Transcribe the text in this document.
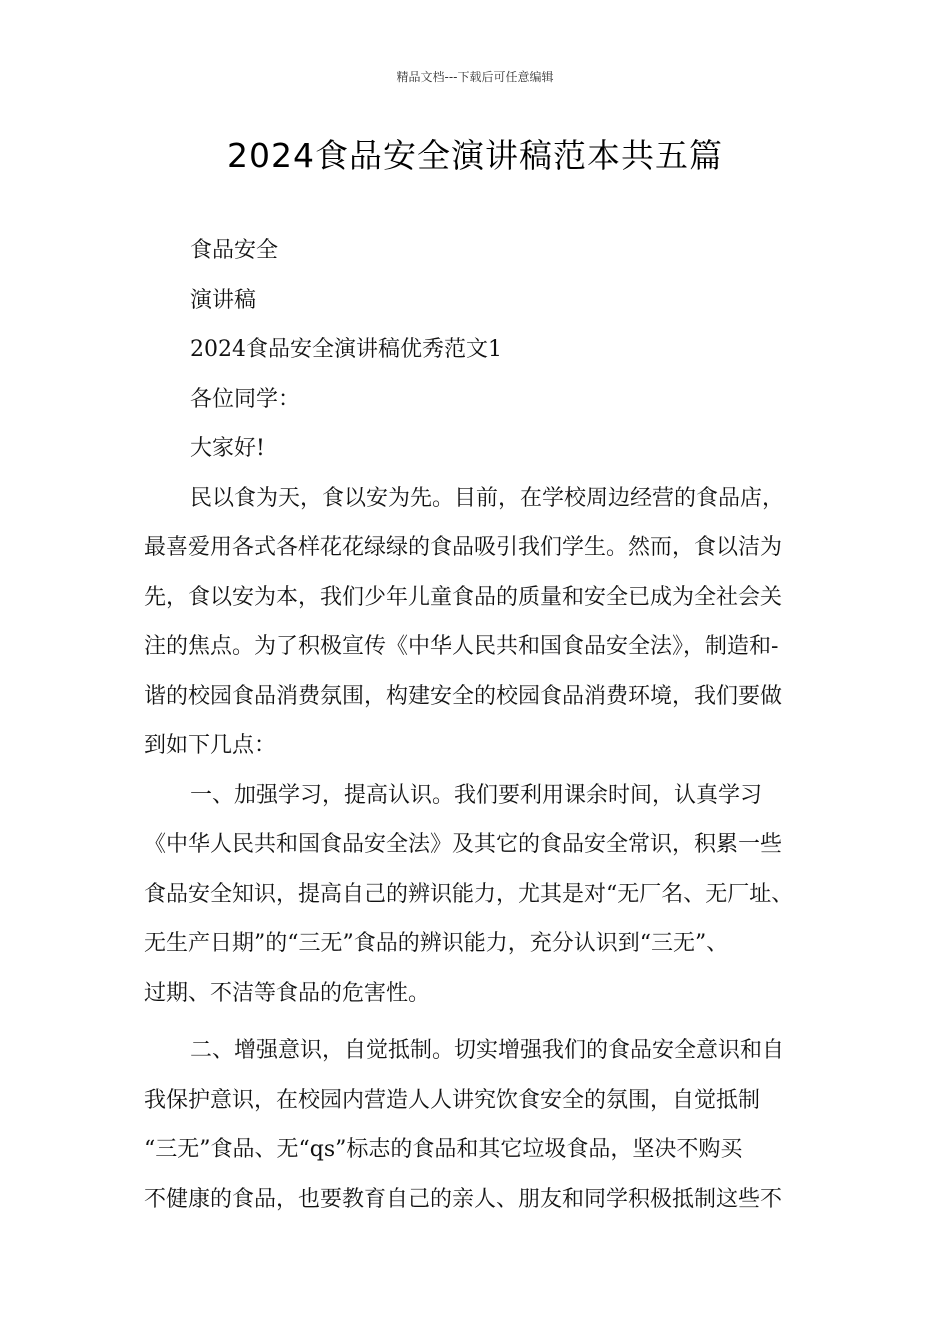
精品文档---下载后可任意编辑
2024食品安全演讲稿范本共五篇
食品安全
演讲稿
2024食品安全演讲稿优秀范文1
各位同学：
大家好!
民以食为天，食以安为先。目前，在学校周边经营的食品店，
最喜爱用各式各样花花绿绿的食品吸引我们学生。然而，食以洁为
先，食以安为本，我们少年儿童食品的质量和安全已成为全社会关
注的焦点。为了积极宣传《中华人民共和国食品安全法》，制造和-
谐的校园食品消费氛围，构建安全的校园食品消费环境，我们要做
到如下几点：
一、加强学习，提高认识。我们要利用课余时间，认真学习
《中华人民共和国食品安全法》及其它的食品安全常识，积累一些
食品安全知识，提高自己的辨识能力，尤其是对“无厂名、无厂址、
无生产日期”的“三无”食品的辨识能力，充分认识到“三无”、
过期、不洁等食品的危害性。
二、增强意识，自觉抵制。切实增强我们的食品安全意识和自
我保护意识，在校园内营造人人讲究饮食安全的氛围，自觉抵制
“三无”食品、无“qs”标志的食品和其它垃圾食品，坚决不购买
不健康的食品，也要教育自己的亲人、朋友和同学积极抵制这些不
